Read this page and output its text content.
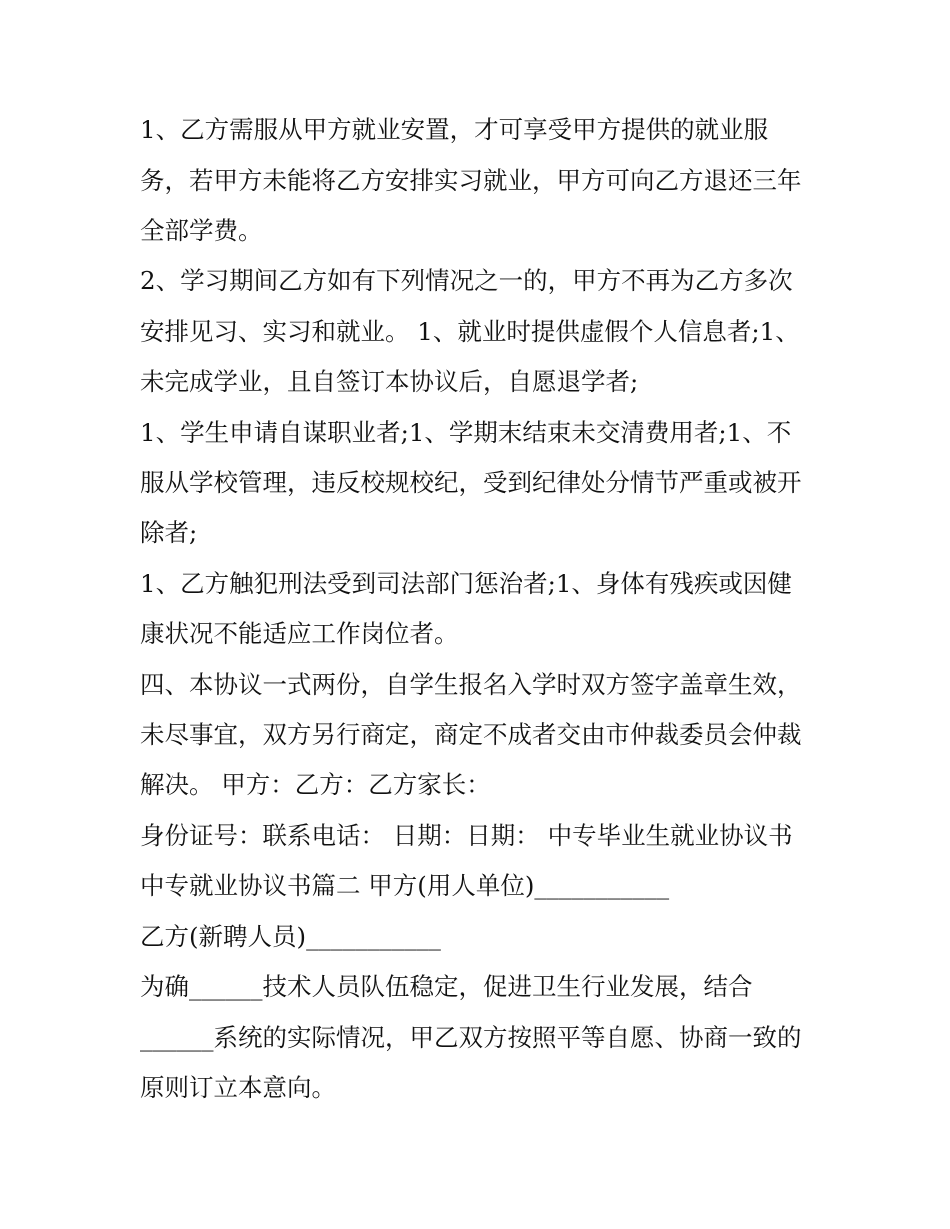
1、乙方需服从甲方就业安置，才可享受甲方提供的就业服
务，若甲方未能将乙方安排实习就业，甲方可向乙方退还三年
全部学费。
2、学习期间乙方如有下列情况之一的，甲方不再为乙方多次
安排见习、实习和就业。 1、就业时提供虚假个人信息者;1、
未完成学业，且自签订本协议后，自愿退学者;
1、学生申请自谋职业者;1、学期末结束未交清费用者;1、不
服从学校管理，违反校规校纪，受到纪律处分情节严重或被开
除者;
1、乙方触犯刑法受到司法部门惩治者;1、身体有残疾或因健
康状况不能适应工作岗位者。
四、本协议一式两份，自学生报名入学时双方签字盖章生效，
未尽事宜，双方另行商定，商定不成者交由市仲裁委员会仲裁
解决。 甲方：乙方：乙方家长：
身份证号：联系电话： 日期：日期： 中专毕业生就业协议书
中专就业协议书篇二 甲方(用人单位)___________
乙方(新聘人员)___________
为确______技术人员队伍稳定，促进卫生行业发展，结合
______系统的实际情况，甲乙双方按照平等自愿、协商一致的
原则订立本意向。
